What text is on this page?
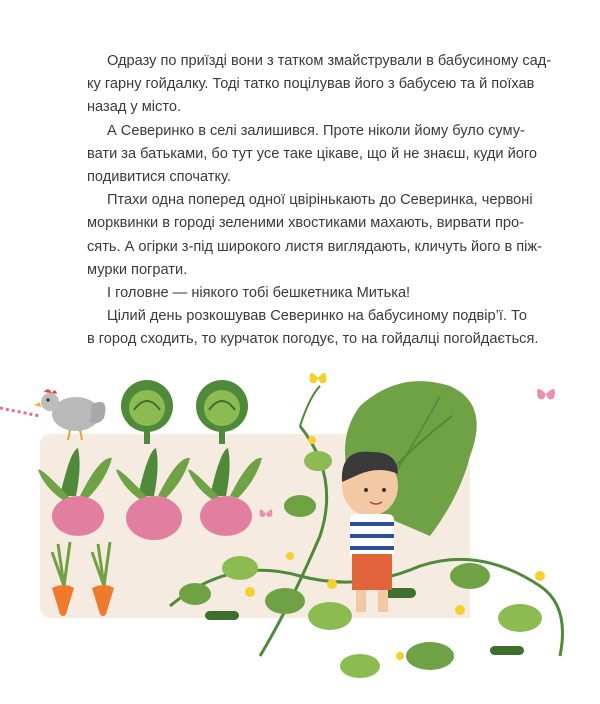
Одразу по приїзді вони з татком змайстрували в бабусиному сад-
ку гарну гойдалку. Тоді татко поцілував його з бабусею та й поїхав
назад у місто.

А Северинко в селі залишився. Проте ніколи йому було суму-
вати за батьками, бо тут усе таке цікаве, що й не знаєш, куди його
подивитися спочатку.

Птахи одна поперед одної цвірінькають до Северинка, червоні
морквинки в городі зеленими хвостиками махають, вирвати про-
сять. А огірки з-під широкого листя виглядають, кличуть його в піж-
мурки пограти.

І головне — ніякого тобі бешкетника Митька!

Цілий день розкошував Северинко на бабусиному подвір’ї. То
в город сходить, то курчаток погодує, то на гойдалці погойдається.
